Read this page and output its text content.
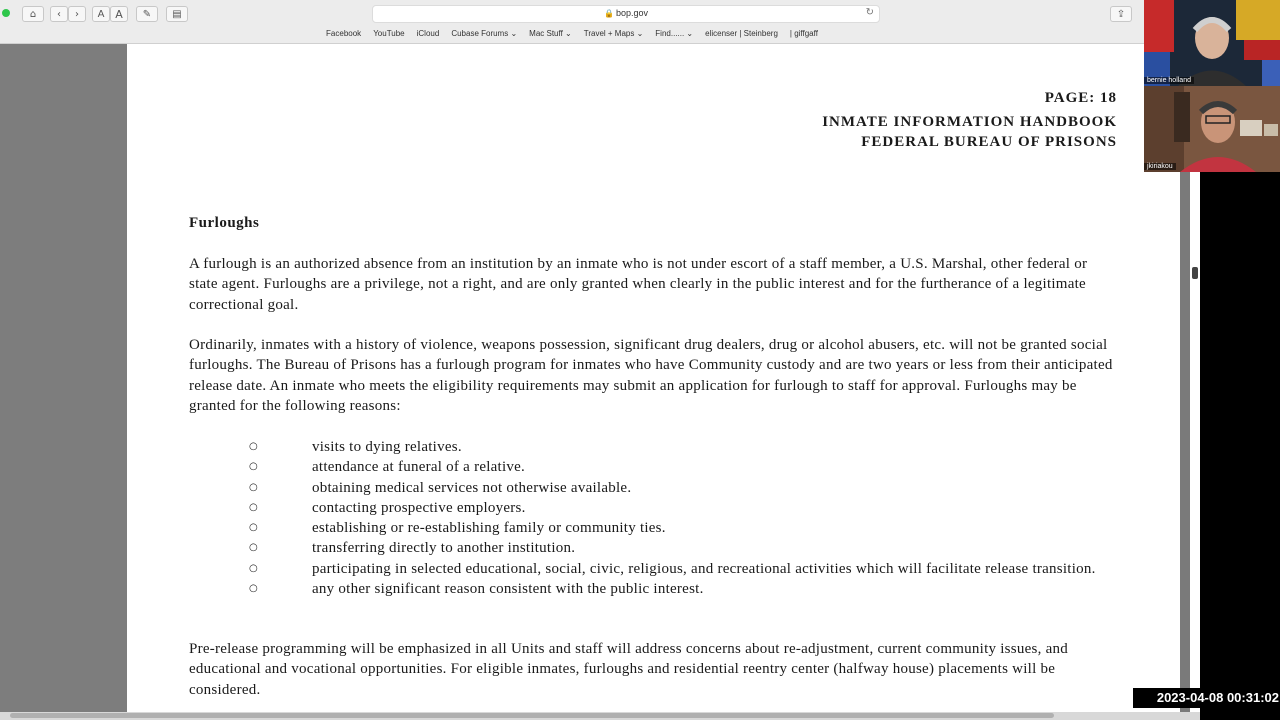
⌂	‹	›	A A	✎	▤	🔒 bop.gov	↻	⇪
Facebook YouTube iCloud Cubase Forums ⌄ Mac Stuff ⌄ Travel + Maps ⌄ Find...... ⌄ elicenser | Steinberg | giffgaff
PAGE: 18
INMATE INFORMATION HANDBOOK
FEDERAL BUREAU OF PRISONS
Furloughs

A furlough is an authorized absence from an institution by an inmate who is not under escort of a staff member, a U.S. Marshal, other federal or state agent. Furloughs are a privilege, not a right, and are only granted when clearly in the public interest and for the furtherance of a legitimate correctional goal.

Ordinarily, inmates with a history of violence, weapons possession, significant drug dealers, drug or alcohol abusers, etc. will not be granted social furloughs. The Bureau of Prisons has a furlough program for inmates who have Community custody and are two years or less from their anticipated release date. An inmate who meets the eligibility requirements may submit an application for furlough to staff for approval. Furloughs may be granted for the following reasons:

○	visits to dying relatives.
○	attendance at funeral of a relative.
○	obtaining medical services not otherwise available.
○	contacting prospective employers.
○	establishing or re-establishing family or community ties.
○	transferring directly to another institution.
○	participating in selected educational, social, civic, religious, and recreational activities which will facilitate release transition.
○	any other significant reason consistent with the public interest.

Pre-release programming will be emphasized in all Units and staff will address concerns about re-adjustment, current community issues, and educational and vocational opportunities. For eligible inmates, furloughs and residential reentry center (halfway house) placements will be considered.

bernie holland
jkiriakou
2023-04-08 00:31:02
